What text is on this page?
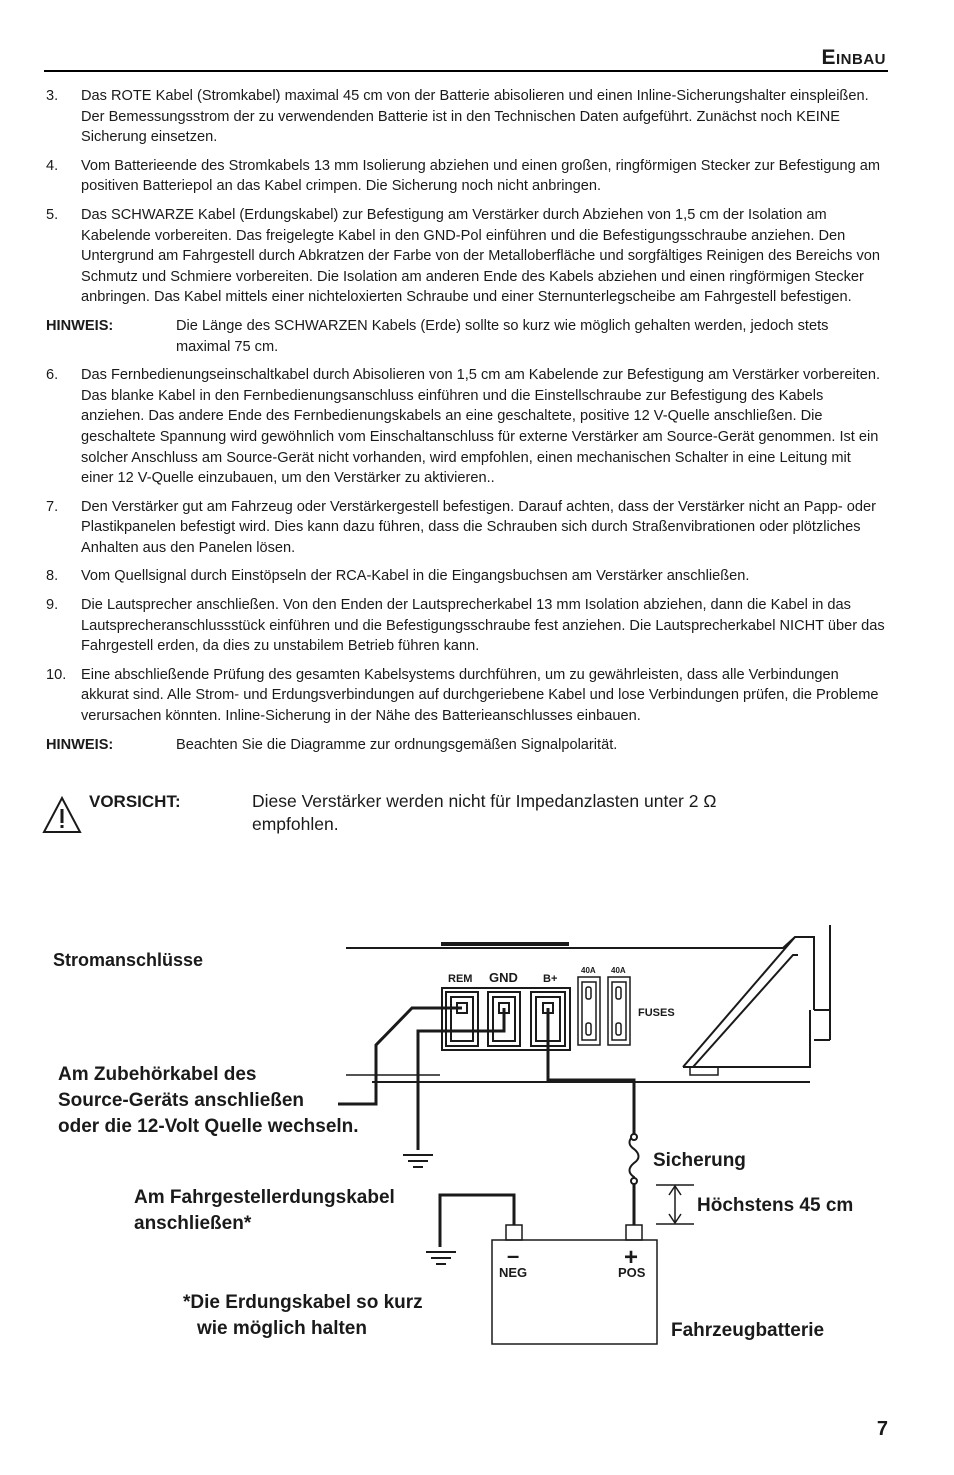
Einbau
3. Das ROTE Kabel (Stromkabel) maximal 45 cm von der Batterie abisolieren und einen Inline-Sicherungshalter einspleißen. Der Bemessungsstrom der zu verwendenden Batterie ist in den Technischen Daten aufgeführt. Zunächst noch KEINE Sicherung einsetzen.
4. Vom Batterieende des Stromkabels 13 mm Isolierung abziehen und einen großen, ringförmigen Stecker zur Befestigung am positiven Batteriepol an das Kabel crimpen. Die Sicherung noch nicht anbringen.
5. Das SCHWARZE Kabel (Erdungskabel) zur Befestigung am Verstärker durch Abziehen von 1,5 cm der Isolation am Kabelende vorbereiten. Das freigelegte Kabel in den GND-Pol einführen und die Befestigungsschraube anziehen. Den Untergrund am Fahrgestell durch Abkratzen der Farbe von der Metalloberfläche und sorgfältiges Reinigen des Bereichs von Schmutz und Schmiere vorbereiten. Die Isolation am anderen Ende des Kabels abziehen und einen ringförmigen Stecker anbringen. Das Kabel mittels einer nichteloxierten Schraube und einer Sternunterlegscheibe am Fahrgestell befestigen.
HINWEIS:	Die Länge des SCHWARZEN Kabels (Erde) sollte so kurz wie möglich gehalten werden, jedoch stets maximal 75 cm.
6. Das Fernbedienungseinschaltkabel durch Abisolieren von 1,5 cm am Kabelende zur Befestigung am Verstärker vorbereiten. Das blanke Kabel in den Fernbedienungsanschluss einführen und die Einstellschraube zur Befestigung des Kabels anziehen. Das andere Ende des Fernbedienungskabels an eine geschaltete, positive 12 V-Quelle anschließen. Die geschaltete Spannung wird gewöhnlich vom Einschaltanschluss für externe Verstärker am Source-Gerät genommen. Ist ein solcher Anschluss am Source-Gerät nicht vorhanden, wird empfohlen, einen mechanischen Schalter in eine Leitung mit einer 12 V-Quelle einzubauen, um den Verstärker zu aktivieren..
7. Den Verstärker gut am Fahrzeug oder Verstärkergestell befestigen. Darauf achten, dass der Verstärker nicht an Papp- oder Plastikpanelen befestigt wird. Dies kann dazu führen, dass die Schrauben sich durch Straßenvibrationen oder plötzliches Anhalten aus den Panelen lösen.
8. Vom Quellsignal durch Einstöpseln der RCA-Kabel in die Eingangsbuchsen am Verstärker anschließen.
9. Die Lautsprecher anschließen. Von den Enden der Lautsprecherkabel 13 mm Isolation abziehen, dann die Kabel in das Lautsprecheranschlussstück einführen und die Befestigungsschraube fest anziehen. Die Lautsprecherkabel NICHT über das Fahrgestell erden, da dies zu unstabilem Betrieb führen kann.
10. Eine abschließende Prüfung des gesamten Kabelsystems durchführen, um zu gewährleisten, dass alle Verbindungen akkurat sind. Alle Strom- und Erdungsverbindungen auf durchgeriebene Kabel und lose Verbindungen prüfen, die Probleme verursachen könnten. Inline-Sicherung in der Nähe des Batterieanschlusses einbauen.
HINWEIS:	Beachten Sie die Diagramme zur ordnungsgemäßen Signalpolarität.
VORSICHT:	Diese Verstärker werden nicht für Impedanzlasten unter 2 Ω empfohlen.
REM GND B+
40A 40A
FUSES
–	+
NEG	POS
Stromanschlüsse
Am Zubehörkabel des
Source-Geräts anschließen
oder die 12-Volt Quelle wechseln.
Am Fahrgestellerdungskabel
anschließen*
*Die Erdungskabel so kurz
wie möglich halten
Sicherung
Höchstens 45 cm
Fahrzeugbatterie
7
